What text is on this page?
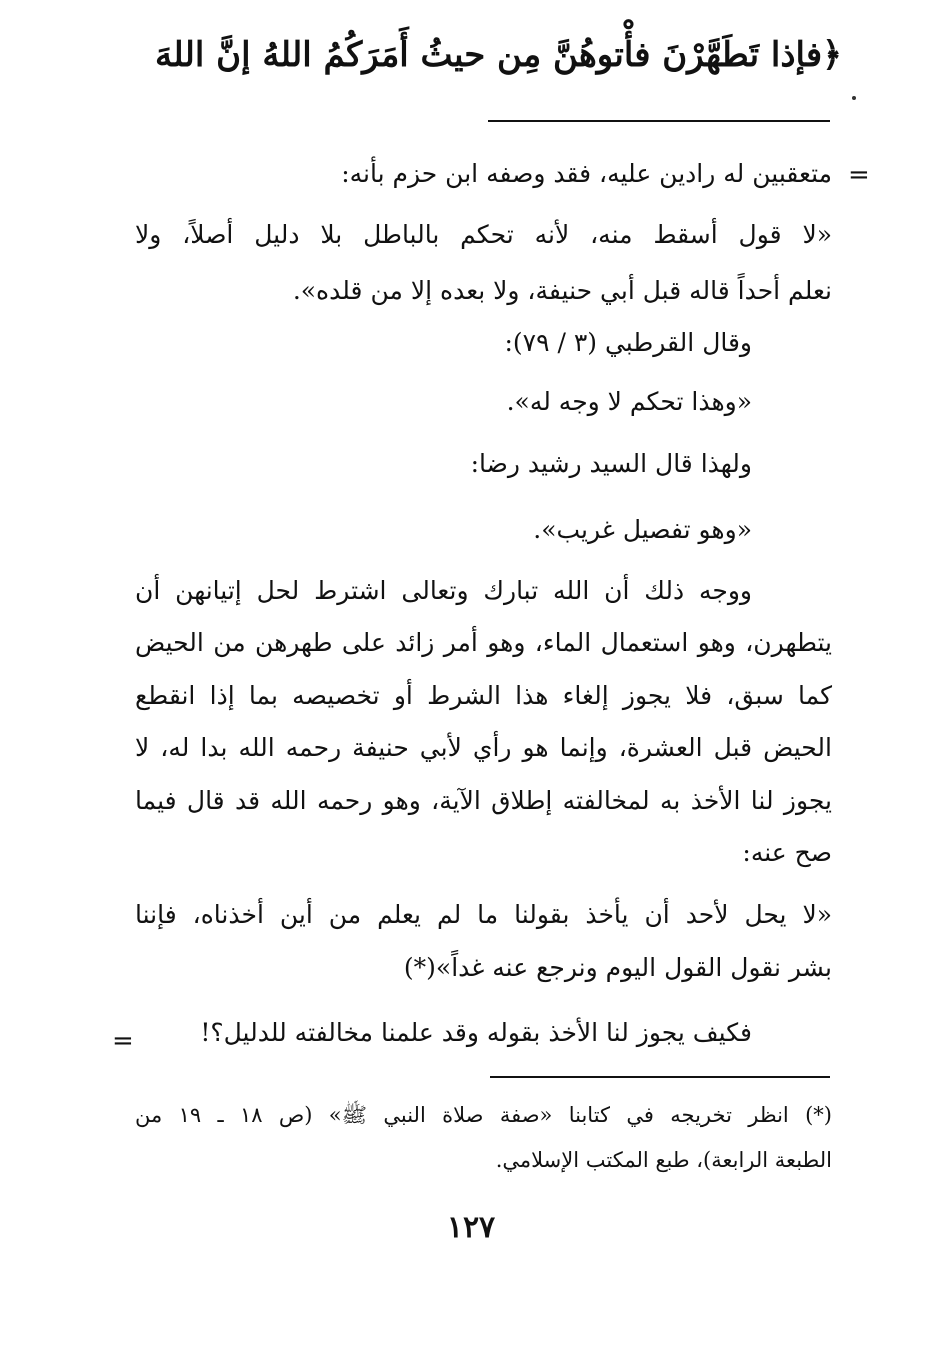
﴿فإذا تَطَهَّرْنَ فأْتوهُنَّ مِن حيثُ أَمَرَكُمُ اللهُ إنَّ اللهَ
=
متعقبين له رادين عليه، فقد وصفه ابن حزم بأنه:
«لا قول أسقط منه، لأنه تحكم بالباطل بلا دليل أصلاً، ولا
نعلم أحداً قاله قبل أبي حنيفة، ولا بعده إلا من قلده».
وقال القرطبي (٣ / ٧٩):
«وهذا تحكم لا وجه له».
ولهذا قال السيد رشيد رضا:
«وهو تفصيل غريب».
ووجه ذلك أن الله تبارك وتعالى اشترط لحل إتيانهن أن
يتطهرن، وهو استعمال الماء، وهو أمر زائد على طهرهن من الحيض
كما سبق، فلا يجوز إلغاء هذا الشرط أو تخصيصه بما إذا انقطع
الحيض قبل العشرة، وإنما هو رأي لأبي حنيفة رحمه الله بدا له، لا
يجوز لنا الأخذ به لمخالفته إطلاق الآية، وهو رحمه الله قد قال فيما
صح عنه:
«لا يحل لأحد أن يأخذ بقولنا ما لم يعلم من أين أخذناه، فإننا
بشر نقول القول اليوم ونرجع عنه غداً»(*)
فكيف يجوز لنا الأخذ بقوله وقد علمنا مخالفته للدليل؟!
=
(*) انظر تخريجه في كتابنا «صفة صلاة النبي ﷺ» (ص ١٨ ـ ١٩ من
الطبعة الرابعة)، طبع المكتب الإسلامي.
١٢٧
